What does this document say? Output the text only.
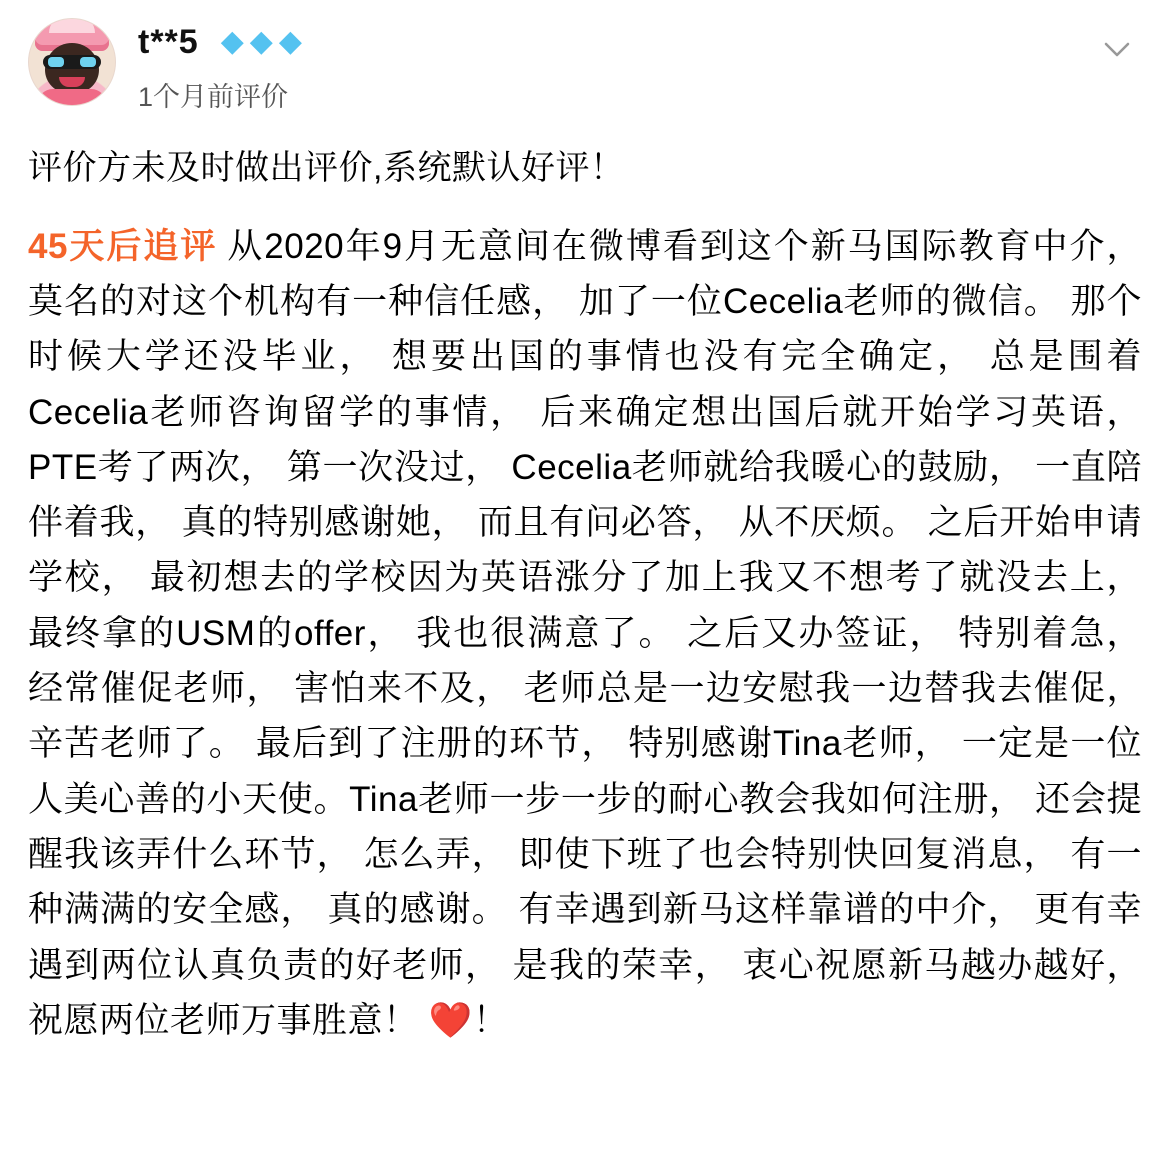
t**5 ◆ ◆ ◆
1个月前评价
评价方未及时做出评价,系统默认好评！
45天后追评 从2020年9月无意间在微博看到这个新马国际教育中介， 莫名的对这个机构有一种信任感， 加了一位Cecelia老师的微信。 那个时候大学还没毕业， 想要出国的事情也没有完全确定， 总是围着Cecelia老师咨询留学的事情， 后来确定想出国后就开始学习英语， PTE考了两次， 第一次没过， Cecelia老师就给我暖心的鼓励， 一直陪伴着我， 真的特别感谢她， 而且有问必答， 从不厌烦。 之后开始申请学校， 最初想去的学校因为英语涨分了加上我又不想考了就没去上， 最终拿的USM的offer， 我也很满意了。 之后又办签证， 特别着急， 经常催促老师， 害怕来不及， 老师总是一边安慰我一边替我去催促， 辛苦老师了。 最后到了注册的环节， 特别感谢Tina老师， 一定是一位人美心善的小天使。Tina老师一步一步的耐心教会我如何注册， 还会提醒我该弄什么环节， 怎么弄， 即使下班了也会特别快回复消息， 有一种满满的安全感， 真的感谢。 有幸遇到新马这样靠谱的中介， 更有幸遇到两位认真负责的好老师， 是我的荣幸， 衷心祝愿新马越办越好， 祝愿两位老师万事胜意！ ❤️！
